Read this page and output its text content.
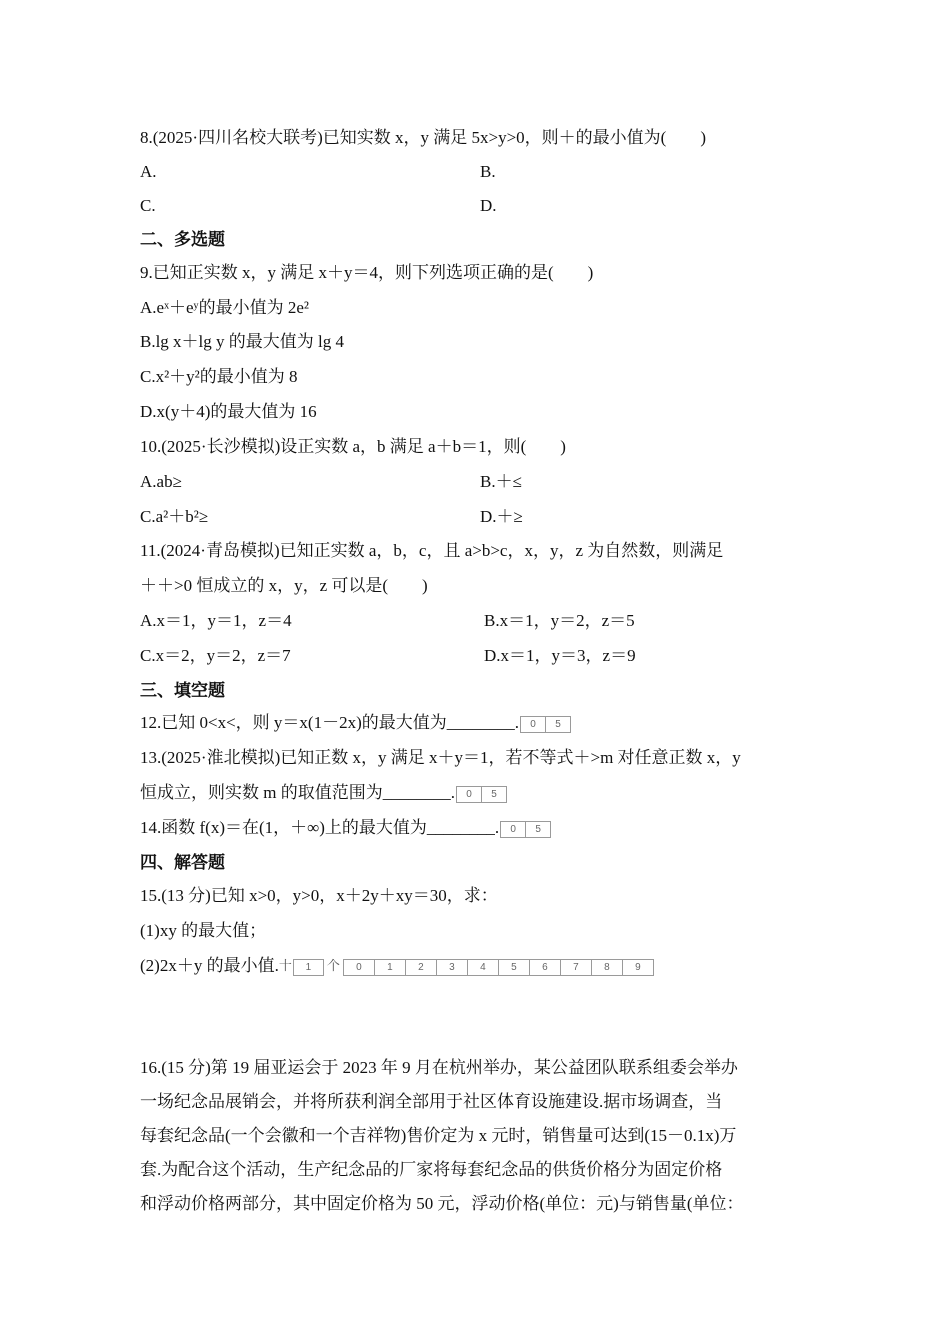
8.(2025·四川名校大联考)已知实数 x，y 满足 5x>y>0，则＋的最小值为(　　)
A.	B.
C.	D.
二、多选题
9.已知正实数 x，y 满足 x＋y＝4，则下列选项正确的是(　　)
A.eˣ＋eʸ的最小值为 2e²
B.lg x＋lg y 的最大值为 lg 4
C.x²＋y²的最小值为 8
D.x(y＋4)的最大值为 16
10.(2025·长沙模拟)设正实数 a，b 满足 a＋b＝1，则(　　)
A.ab≥	B.＋≤
C.a²＋b²≥	D.＋≥
11.(2024·青岛模拟)已知正实数 a，b，c，且 a>b>c，x，y，z 为自然数，则满足
＋＋>0 恒成立的 x，y，z 可以是(　　)
A.x＝1，y＝1，z＝4	B.x＝1，y＝2，z＝5
C.x＝2，y＝2，z＝7	D.x＝1，y＝3，z＝9
三、填空题
12.已知 0<x<，则 y＝x(1－2x)的最大值为________.	0	5
13.(2025·淮北模拟)已知正数 x，y 满足 x＋y＝1，若不等式＋>m 对任意正数 x，y
恒成立，则实数 m 的取值范围为________.	0	5
14.函数 f(x)＝在(1，＋∞)上的最大值为________.	0	5
四、解答题
15.(13 分)已知 x>0，y>0，x＋2y＋xy＝30，求：
(1)xy 的最大值；
(2)2x＋y 的最小值.十	1	个	0	1	2	3	4	5	6	7	8	9
16.(15 分)第 19 届亚运会于 2023 年 9 月在杭州举办，某公益团队联系组委会举办
一场纪念品展销会，并将所获利润全部用于社区体育设施建设.据市场调查，当
每套纪念品(一个会徽和一个吉祥物)售价定为 x 元时，销售量可达到(15－0.1x)万
套.为配合这个活动，生产纪念品的厂家将每套纪念品的供货价格分为固定价格
和浮动价格两部分，其中固定价格为 50 元，浮动价格(单位：元)与销售量(单位：
